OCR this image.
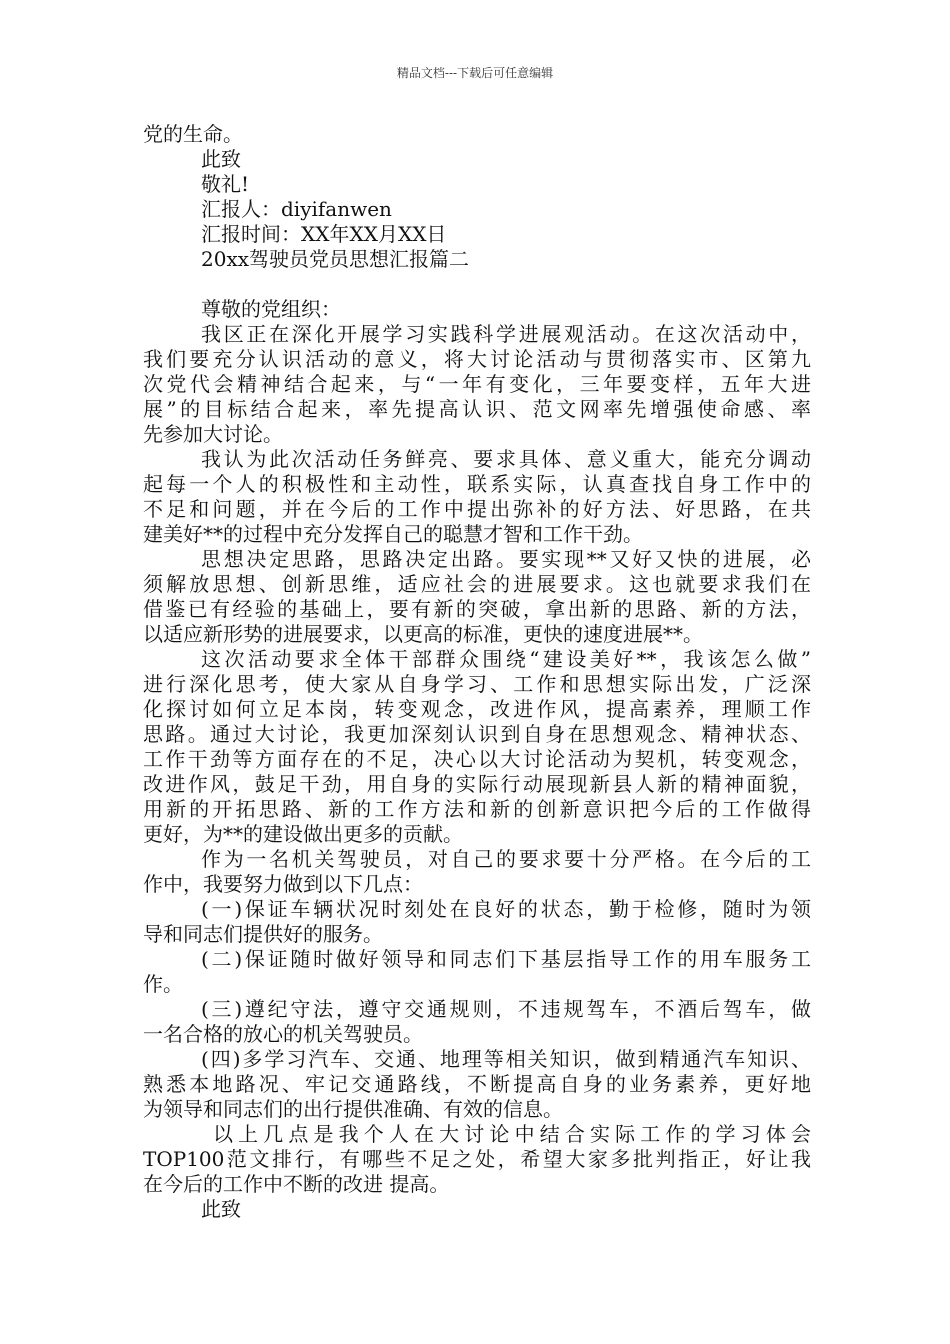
精品文档---下载后可任意编辑
党的生命。
此致
敬礼!
汇报人：diyifanwen
汇报时间：XX年XX月XX日
20xx驾驶员党员思想汇报篇二
尊敬的党组织：
我区正在深化开展学习实践科学进展观活动。在这次活动中，
我们要充分认识活动的意义，将大讨论活动与贯彻落实市、区第九
次党代会精神结合起来，与“一年有变化，三年要变样，五年大进
展”的目标结合起来，率先提高认识、范文网率先增强使命感、率
先参加大讨论。
我认为此次活动任务鲜亮、要求具体、意义重大，能充分调动
起每一个人的积极性和主动性，联系实际，认真查找自身工作中的
不足和问题，并在今后的工作中提出弥补的好方法、好思路，在共
建美好**的过程中充分发挥自己的聪慧才智和工作干劲。
思想决定思路，思路决定出路。要实现**又好又快的进展，必
须解放思想、创新思维，适应社会的进展要求。这也就要求我们在
借鉴已有经验的基础上，要有新的突破，拿出新的思路、新的方法，
以适应新形势的进展要求，以更高的标准，更快的速度进展**。
这次活动要求全体干部群众围绕“建设美好**，我该怎么做”
进行深化思考，使大家从自身学习、工作和思想实际出发，广泛深
化探讨如何立足本岗，转变观念，改进作风，提高素养，理顺工作
思路。通过大讨论，我更加深刻认识到自身在思想观念、精神状态、
工作干劲等方面存在的不足，决心以大讨论活动为契机，转变观念，
改进作风，鼓足干劲，用自身的实际行动展现新县人新的精神面貌，
用新的开拓思路、新的工作方法和新的创新意识把今后的工作做得
更好，为**的建设做出更多的贡献。
作为一名机关驾驶员，对自己的要求要十分严格。在今后的工
作中，我要努力做到以下几点：
(一)保证车辆状况时刻处在良好的状态，勤于检修，随时为领
导和同志们提供好的服务。
(二)保证随时做好领导和同志们下基层指导工作的用车服务工
作。
(三)遵纪守法，遵守交通规则，不违规驾车，不酒后驾车，做
一名合格的放心的机关驾驶员。
(四)多学习汽车、交通、地理等相关知识，做到精通汽车知识、
熟悉本地路况、牢记交通路线，不断提高自身的业务素养，更好地
为领导和同志们的出行提供准确、有效的信息。
以上几点是我个人在大讨论中结合实际工作的学习体会
TOP100范文排行，有哪些不足之处，希望大家多批判指正，好让我
在今后的工作中不断的改进 提高。
此致
